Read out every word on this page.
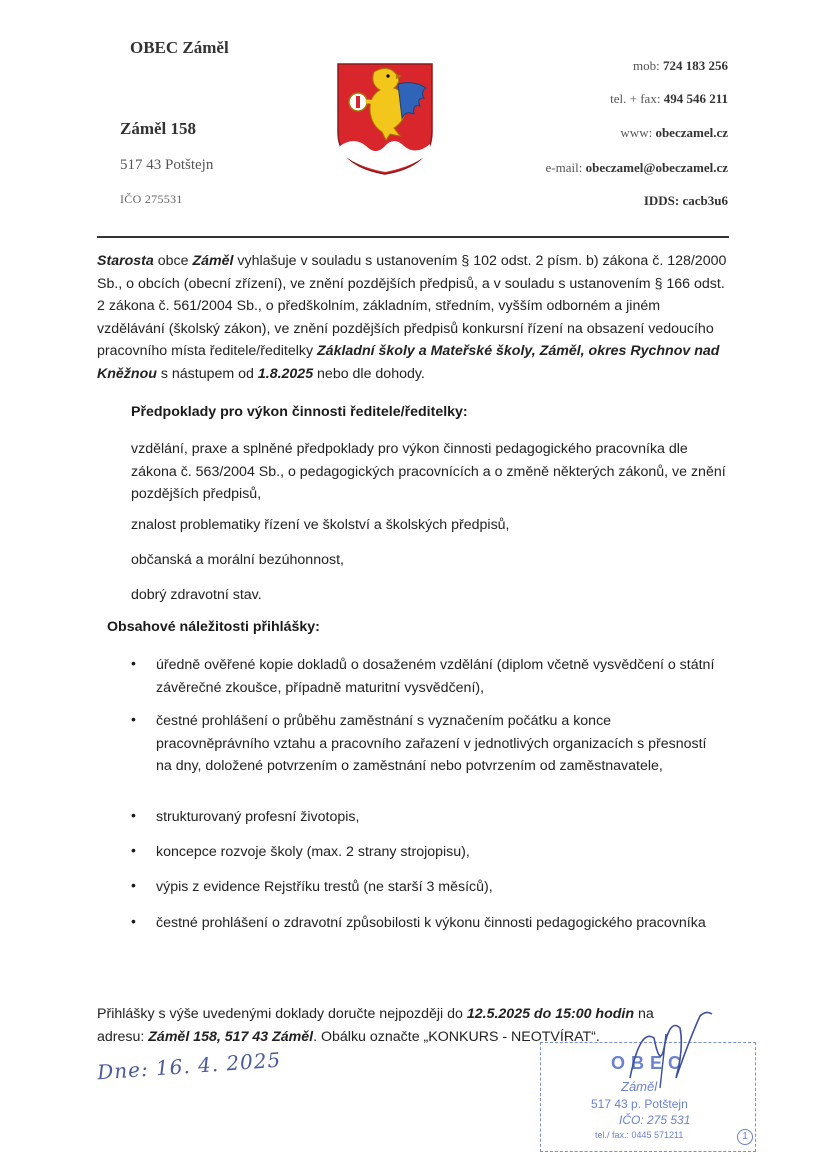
OBEC Záměl
Záměl 158
517 43 Potštejn
IČO 275531
mob: 724 183 256
tel. + fax: 494 546 211
www: obeczamel.cz
e-mail: obeczamel@obeczamel.cz
IDDS: cacb3u6
Starosta obce Záměl vyhlašuje v souladu s ustanovením § 102 odst. 2 písm. b) zákona č. 128/2000 Sb., o obcích (obecní zřízení), ve znění pozdějších předpisů, a v souladu s ustanovením § 166 odst. 2 zákona č. 561/2004 Sb., o předškolním, základním, středním, vyšším odborném a jiném vzdělávání (školský zákon), ve znění pozdějších předpisů konkursní řízení na obsazení vedoucího pracovního místa ředitele/ředitelky Základní školy a Mateřské školy, Záměl, okres Rychnov nad Kněžnou s nástupem od 1.8.2025 nebo dle dohody.
Předpoklady pro výkon činnosti ředitele/ředitelky:
vzdělání, praxe a splněné předpoklady pro výkon činnosti pedagogického pracovníka dle zákona č. 563/2004 Sb., o pedagogických pracovnících a o změně některých zákonů, ve znění pozdějších předpisů,
znalost problematiky řízení ve školství a školských předpisů,
občanská a morální bezúhonnost,
dobrý zdravotní stav.
Obsahové náležitosti přihlášky:
•	úředně ověřené kopie dokladů o dosaženém vzdělání (diplom včetně vysvědčení o státní závěrečné zkoušce, případně maturitní vysvědčení),
•	čestné prohlášení o průběhu zaměstnání s vyznačením počátku a konce pracovněprávního vztahu a pracovního zařazení v jednotlivých organizacích s přesností na dny, doložené potvrzením o zaměstnání nebo potvrzením od zaměstnavatele,
•	strukturovaný profesní životopis,
•	koncepce rozvoje školy (max. 2 strany strojopisu),
•	výpis z evidence Rejstříku trestů (ne starší 3 měsíců),
•	čestné prohlášení o zdravotní způsobilosti k výkonu činnosti pedagogického pracovníka
Přihlášky s výše uvedenými doklady doručte nejpozději do 12.5.2025 do 15:00 hodin na adresu: Záměl 158, 517 43 Záměl. Obálku označte „KONKURS - NEOTVÍRAT“.
Dne: 16. 4. 2025	OBEC
Záměl
517 43 p. Potštejn
IČO: 275 531
tel./ fax.: 0445 571211	1
